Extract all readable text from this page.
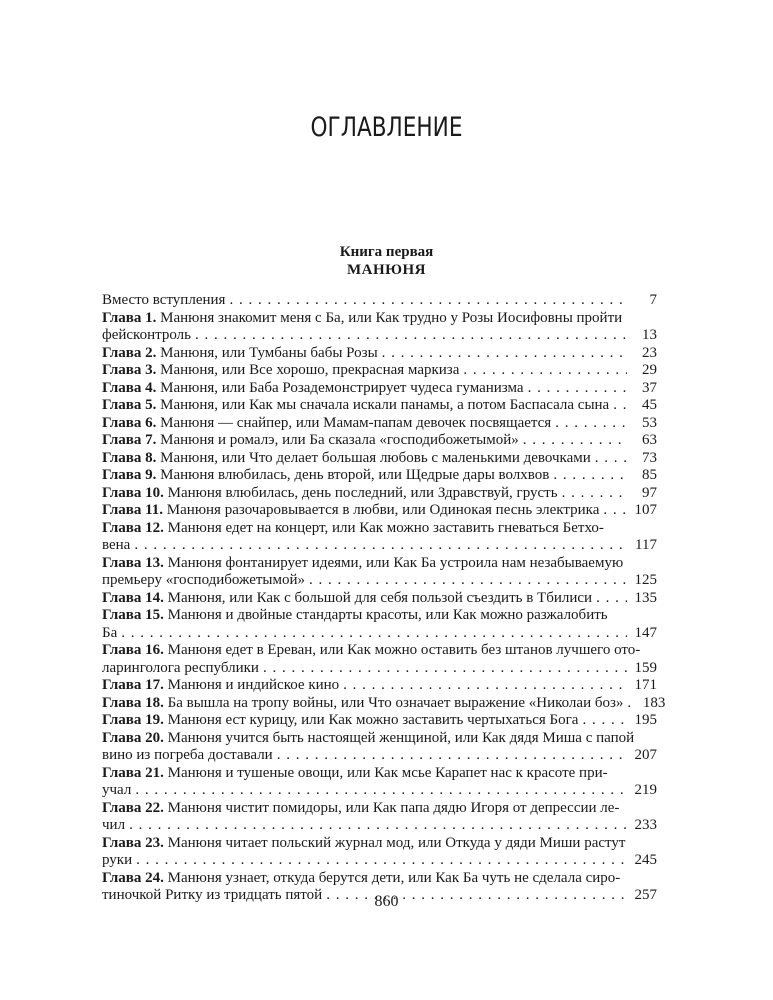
ОГЛАВЛЕНИЕ
Книга первая
МАНЮНЯ
Вместо вступления . . .	7
Глава 1. Манюня знакомит меня с Ба, или Как трудно у Розы Иосифовны пройти
фейсконтроль . . .	13
Глава 2. Манюня, или Тумбаны бабы Розы . . .	23
Глава 3. Манюня, или Все хорошо, прекрасная маркиза . . .	29
Глава 4. Манюня, или Баба Розадемонстрирует чудеса гуманизма . . .	37
Глава 5. Манюня, или Как мы сначала искали панамы, а потом Баспасала сына . . .	45
Глава 6. Манюня — снайпер, или Мамам-папам девочек посвящается . . .	53
Глава 7. Манюня и ромалэ, или Ба сказала «господибожетымой» . . .	63
Глава 8. Манюня, или Что делает большая любовь с маленькими девочками . . .	73
Глава 9. Манюня влюбилась, день второй, или Щедрые дары волхвов . . .	85
Глава 10. Манюня влюбилась, день последний, или Здравствуй, грусть . . .	97
Глава 11. Манюня разочаровывается в любви, или Одинокая песнь электрика . . . 107
Глава 12. Манюня едет на концерт, или Как можно заставить гневаться Бетхо-
вена . . .	117
Глава 13. Манюня фонтанирует идеями, или Как Ба устроила нам незабываемую
премьеру «господибожетымой» . . .	125
Глава 14. Манюня, или Как с большой для себя пользой съездить в Тбилиси . . .	135
Глава 15. Манюня и двойные стандарты красоты, или Как можно разжалобить
Ба . . .	147
Глава 16. Манюня едет в Ереван, или Как можно оставить без штанов лучшего ото-
ларинголога республики . . .	159
Глава 17. Манюня и индийское кино . . .	171
Глава 18. Ба вышла на тропу войны, или Что означает выражение «Николаи боз» . . . 183
Глава 19. Манюня ест курицу, или Как можно заставить чертыхаться Бога . . .	195
Глава 20. Манюня учится быть настоящей женщиной, или Как дядя Миша с папой
вино из погреба доставали . . .	207
Глава 21. Манюня и тушеные овощи, или Как мсье Карапет нас к красоте при-
учал . . .	219
Глава 22. Манюня чистит помидоры, или Как папа дядю Игоря от депрессии ле-
чил . . .	233
Глава 23. Манюня читает польский журнал мод, или Откуда у дяди Миши растут
руки . . .	245
Глава 24. Манюня узнает, откуда берутся дети, или Как Ба чуть не сделала сиро-
тиночкой Ритку из тридцать пятой . . .	257
860
